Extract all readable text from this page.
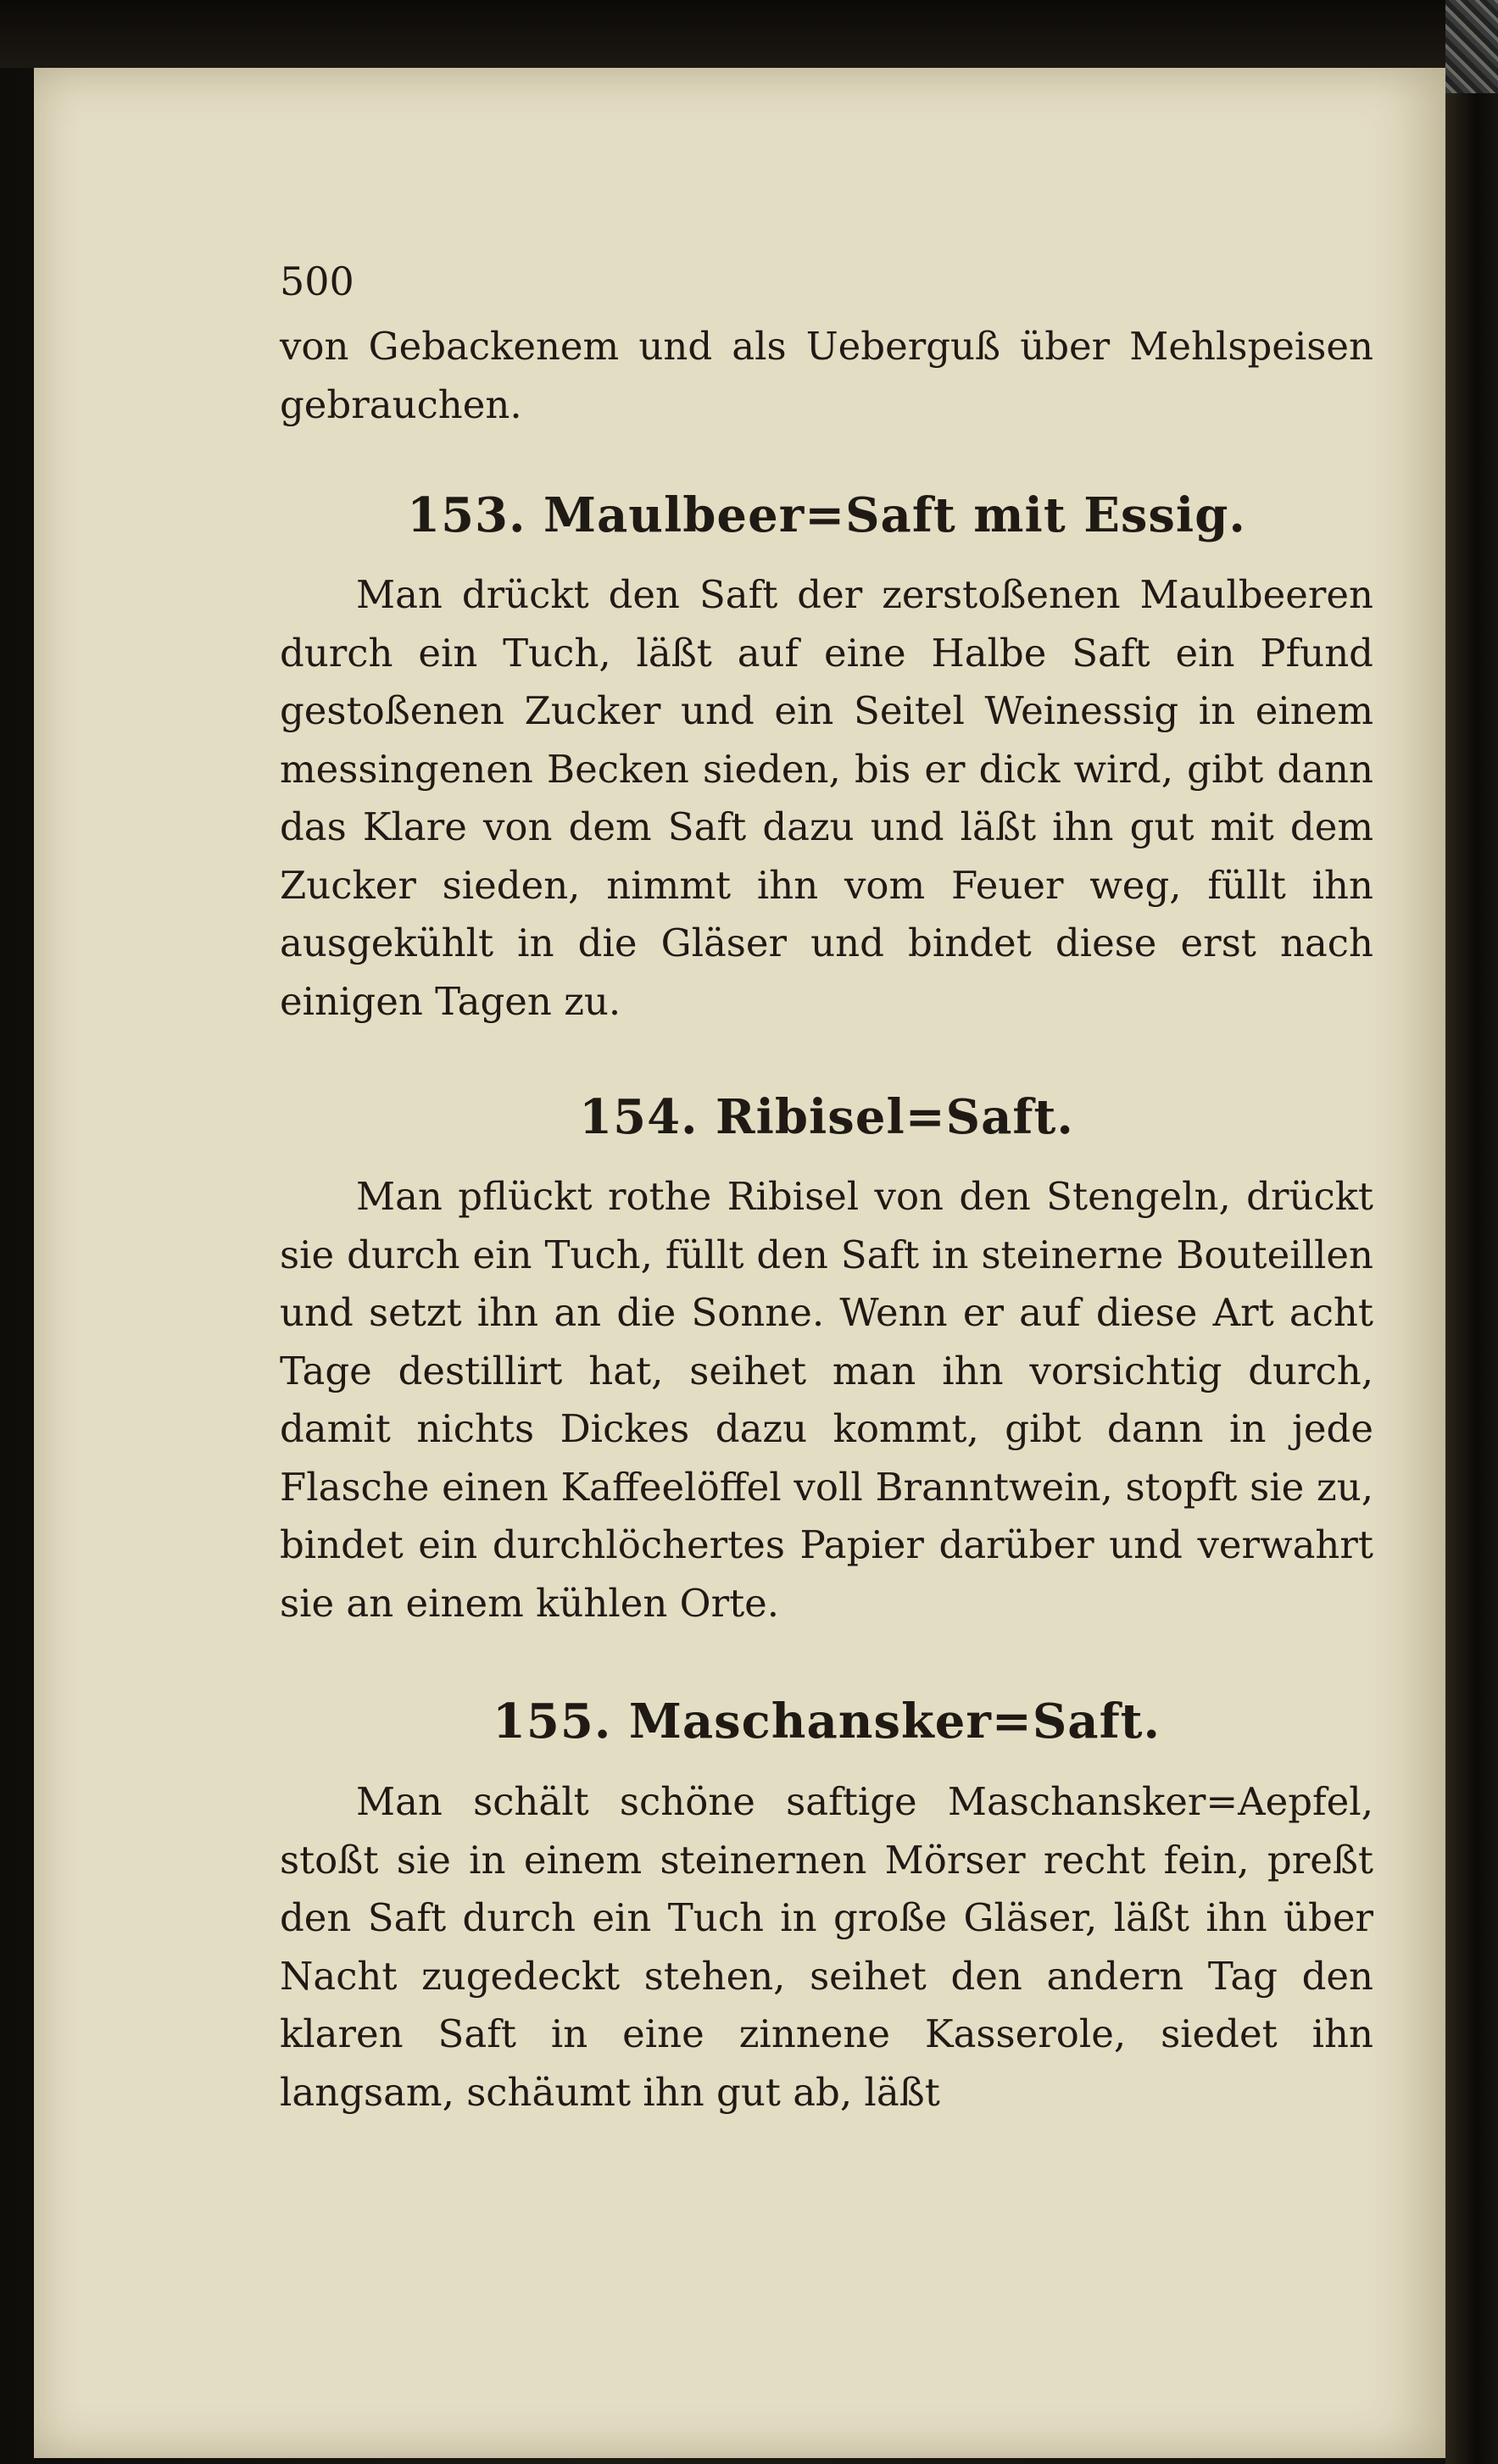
500

von Gebackenem und als Ueberguß über Mehlspeisen gebrauchen.

153. Maulbeer=Saft mit Essig.

Man drückt den Saft der zerstoßenen Maulbeeren durch ein Tuch, läßt auf eine Halbe Saft ein Pfund gestoßenen Zucker und ein Seitel Weinessig in einem messingenen Becken sieden, bis er dick wird, gibt dann das Klare von dem Saft dazu und läßt ihn gut mit dem Zucker sieden, nimmt ihn vom Feuer weg, füllt ihn ausgekühlt in die Gläser und bindet diese erst nach einigen Tagen zu.

154. Ribisel=Saft.

Man pflückt rothe Ribisel von den Stengeln, drückt sie durch ein Tuch, füllt den Saft in steinerne Bouteillen und setzt ihn an die Sonne. Wenn er auf diese Art acht Tage destillirt hat, seihet man ihn vorsichtig durch, damit nichts Dickes dazu kommt, gibt dann in jede Flasche einen Kaffeelöffel voll Branntwein, stopft sie zu, bindet ein durchlöchertes Papier darüber und verwahrt sie an einem kühlen Orte.

155. Maschansker=Saft.

Man schält schöne saftige Maschansker=Aepfel, stoßt sie in einem steinernen Mörser recht fein, preßt den Saft durch ein Tuch in große Gläser, läßt ihn über Nacht zugedeckt stehen, seihet den andern Tag den klaren Saft in eine zinnene Kasserole, siedet ihn langsam, schäumt ihn gut ab, läßt
